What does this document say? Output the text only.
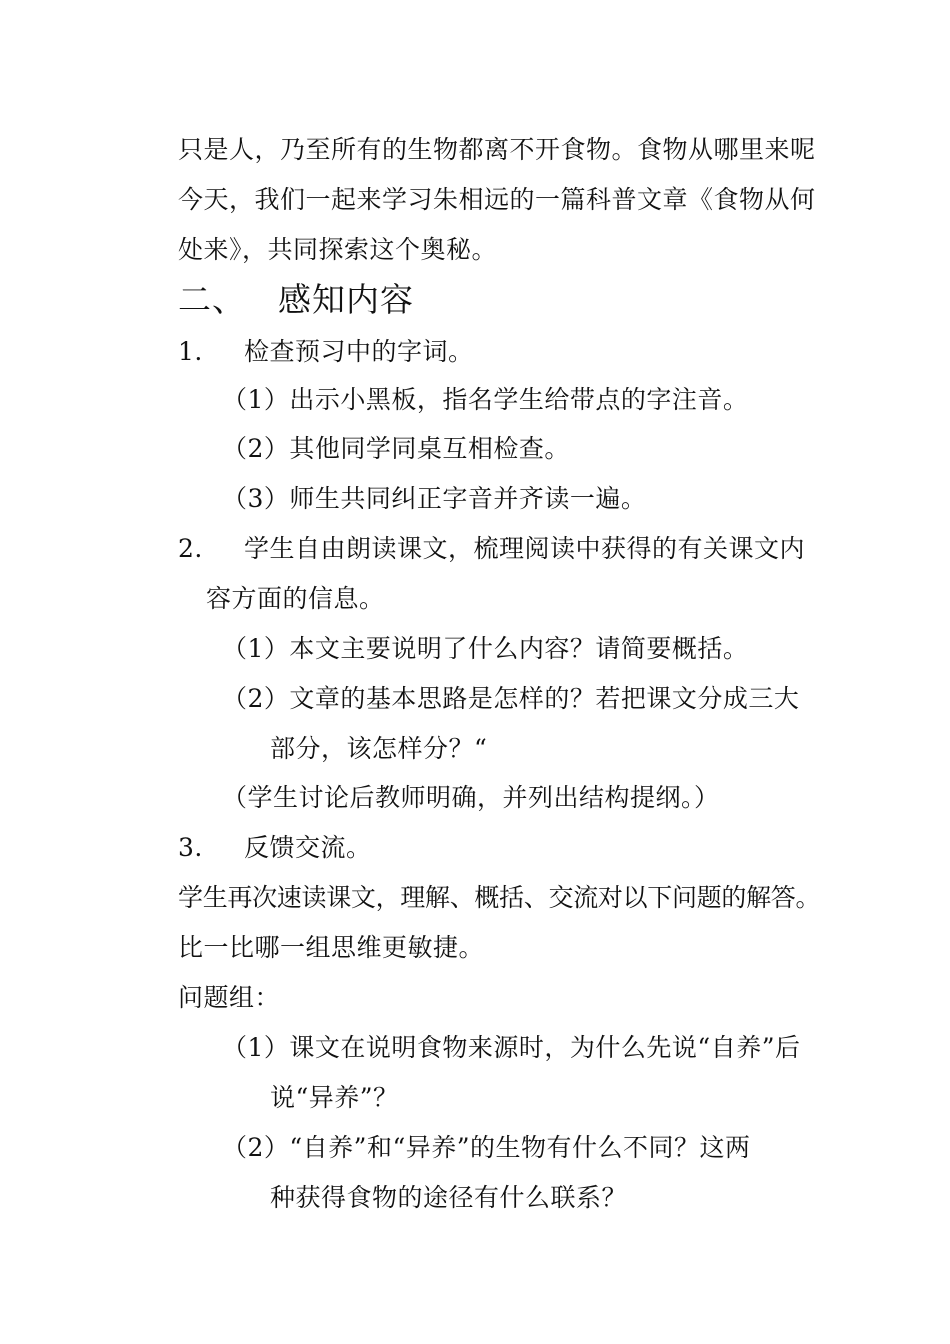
只是人，乃至所有的生物都离不开食物。食物从哪里来呢
今天，我们一起来学习朱相远的一篇科普文章《食物从何
处来》，共同探索这个奥秘。
二、 感知内容
1. 检查预习中的字词。
（1）出示小黑板，指名学生给带点的字注音。
（2）其他同学同桌互相检查。
（3）师生共同纠正字音并齐读一遍。
2. 学生自由朗读课文，梳理阅读中获得的有关课文内
容方面的信息。
（1）本文主要说明了什么内容？请简要概括。
（2）文章的基本思路是怎样的？若把课文分成三大
部分，该怎样分？“
（学生讨论后教师明确，并列出结构提纲。）
3. 反馈交流。
学生再次速读课文，理解、概括、交流对以下问题的解答。
比一比哪一组思维更敏捷。
问题组：
（1）课文在说明食物来源时，为什么先说“自养”后
说“异养”？
（2）“自养”和“异养”的生物有什么不同？这两
种获得食物的途径有什么联系？
